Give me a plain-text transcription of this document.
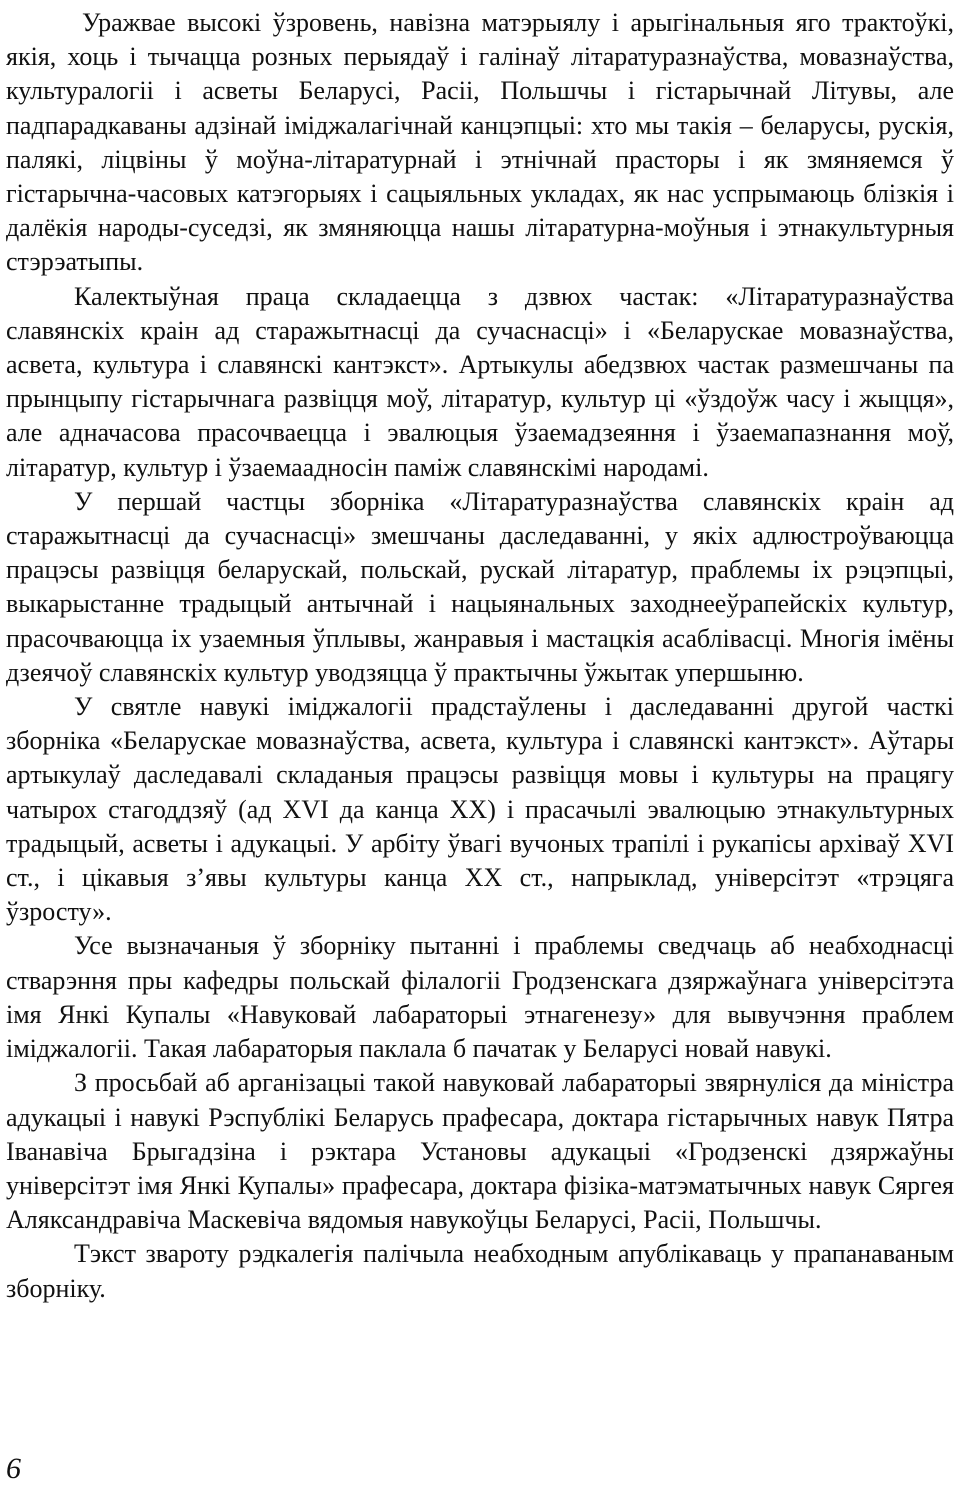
Уражвае высокі ўзровень, навізна матэрыялу і арыгінальныя яго трактоўкі, якія, хоць і тычацца розных перыядаў і галінаў літаратуразнаўства, мовазнаўства, культуралогіі і асветы Беларусі, Расіі, Польшчы і гістарычнай Літувы, але падпарадкаваны адзінай іміджалагічнай канцэпцыі: хто мы такія – беларусы, рускія, палякі, ліцвіны ў моўна-літаратурнай і этнічнай прасторы і як змяняемся ў гістарычна-часовых катэгорыях і сацыяльных укладах, як нас успрымаюць блізкія і далёкія народы-суседзі, як змяняюцца нашы літаратурна-моўныя і этнакультурныя стэрэатыпы.

Калектыўная праца складаецца з дзвюх частак: «Літаратуразнаўства славянскіх краін ад старажытнасці да сучаснасці» і «Беларускае мовазнаўства, асвета, культура і славянскі кантэкст». Артыкулы абедзвюх частак размешчаны па прынцыпу гістарычнага развіцця моў, літаратур, культур ці «ўздоўж часу і жыцця», але адначасова прасочваецца і эвалюцыя ўзаемадзеяння і ўзаемапазнання моў, літаратур, культур і ўзаемаадносін паміж славянскімі народамі.

У першай частцы зборніка «Літаратуразнаўства славянскіх краін ад старажытнасці да сучаснасці» змешчаны даследаванні, у якіх адлюстроўваюцца працэсы развіцця беларускай, польскай, рускай літаратур, праблемы іх рэцэпцыі, выкарыстанне традыцый антычнай і нацыянальных заходнееўрапейскіх культур, прасочваюцца іх узаемныя ўплывы, жанравыя і мастацкія асаблівасці. Многія імёны дзеячоў славянскіх культур уводзяцца ў практычны ўжытак упершыню.

У святле навукі іміджалогіі прадстаўлены і даследаванні другой часткі зборніка «Беларускае мовазнаўства, асвета, культура і славянскі кантэкст». Аўтары артыкулаў даследавалі складаныя працэсы развіцця мовы і культуры на працягу чатырох стагоддзяў (ад XVI да канца XX) і прасачылі эвалюцыю этнакультурных традыцый, асветы і адукацыі. У арбіту ўвагі вучоных трапілі і рукапісы архіваў XVI ст., і цікавыя з’явы культуры канца XX ст., напрыклад, універсітэт «трэцяга ўзросту».

Усе вызначаныя ў зборніку пытанні і праблемы сведчаць аб неабходнасці стварэння пры кафедры польскай філалогіі Гродзенскага дзяржаўнага універсітэта імя Янкі Купалы «Навуковай лабараторыі этнагенезу» для вывучэння праблем іміджалогіі. Такая лабараторыя паклала б пачатак у Беларусі новай навукі.

З просьбай аб арганізацыі такой навуковай лабараторыі звярнуліся да міністра адукацыі і навукі Рэспублікі Беларусь прафесара, доктара гістарычных навук Пятра Іванавіча Брыгадзіна і рэктара Установы адукацыі «Гродзенскі дзяржаўны універсітэт імя Янкі Купалы» прафесара, доктара фізіка-матэматычных навук Сяргея Аляксандравіча Маскевіча вядомыя навукоўцы Беларусі, Расіі, Польшчы.

Тэкст звароту рэдкалегія палічыла неабходным апублікаваць у прапанаваным зборніку.

6
